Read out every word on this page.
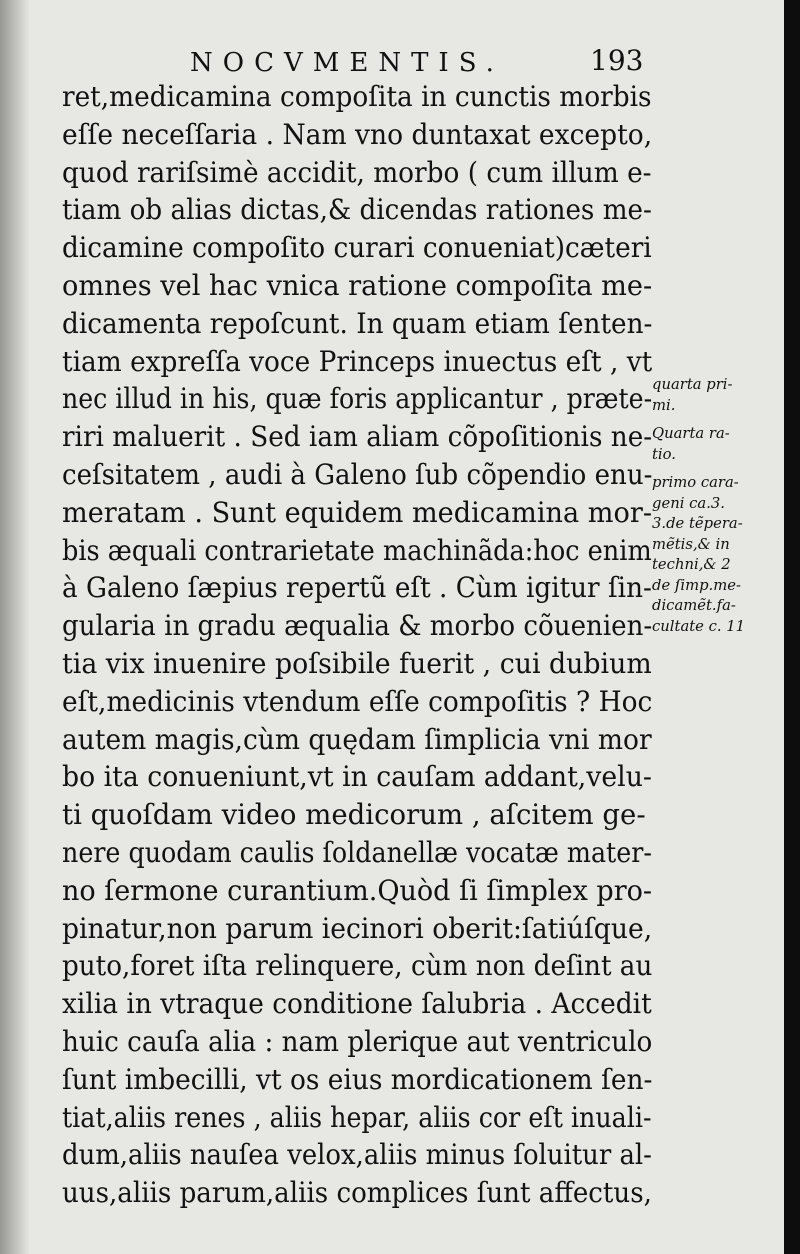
NOCVMENTIS.	193
ret,medicamina compoſita in cunctis morbis
eſſe neceſſaria . Nam vno duntaxat excepto,
quod rariſsimè accidit, morbo ( cum illum e-
tiam ob alias dictas,& dicendas rationes me-
dicamine compoſito curari conueniat)cæteri
omnes vel hac vnica ratione compoſita me-
dicamenta repoſcunt. In quam etiam ſenten-
tiam expreſſa voce Princeps inuectus eſt , vt
nec illud in his, quæ foris applicantur , præte-
riri maluerit . Sed iam aliam cõpoſitionis ne-
ceſsitatem , audi à Galeno ſub cõpendio enu-
meratam . Sunt equidem medicamina mor-
bis æquali contrarietate machinãda:hoc enim
à Galeno ſæpius repertũ eſt . Cùm igitur ſin-
gularia in gradu æqualia & morbo cõuenien-
tia vix inuenire poſsibile fuerit , cui dubium
eſt,medicinis vtendum eſſe compoſitis ? Hoc
autem magis,cùm quędam ſimplicia vni mor
bo ita conueniunt,vt in cauſam addant,velu-
ti quoſdam video medicorum , aſcitem ge-
nere quodam caulis ſoldanellæ vocatæ mater-
no ſermone curantium.Quòd ſi ſimplex pro-
pinatur,non parum iecinori oberit:ſatiúſque,
puto,foret iſta relinquere, cùm non deſint au
xilia in vtraque conditione ſalubria . Accedit
huic cauſa alia : nam plerique aut ventriculo
ſunt imbecilli, vt os eius mordicationem ſen-
tiat,aliis renes , aliis hepar, aliis cor eſt inuali-
dum,aliis nauſea velox,aliis minus ſoluitur al-
uus,aliis parum,aliis complices ſunt affectus,
quarta pri-
mi.
Quarta ra-
tio.
primo cara-
geni ca.3.
3.de tẽpera-
mẽtis,& in
techni,& 2
de ſimp.me-
dicamẽt.fa-
cultate c. 11
